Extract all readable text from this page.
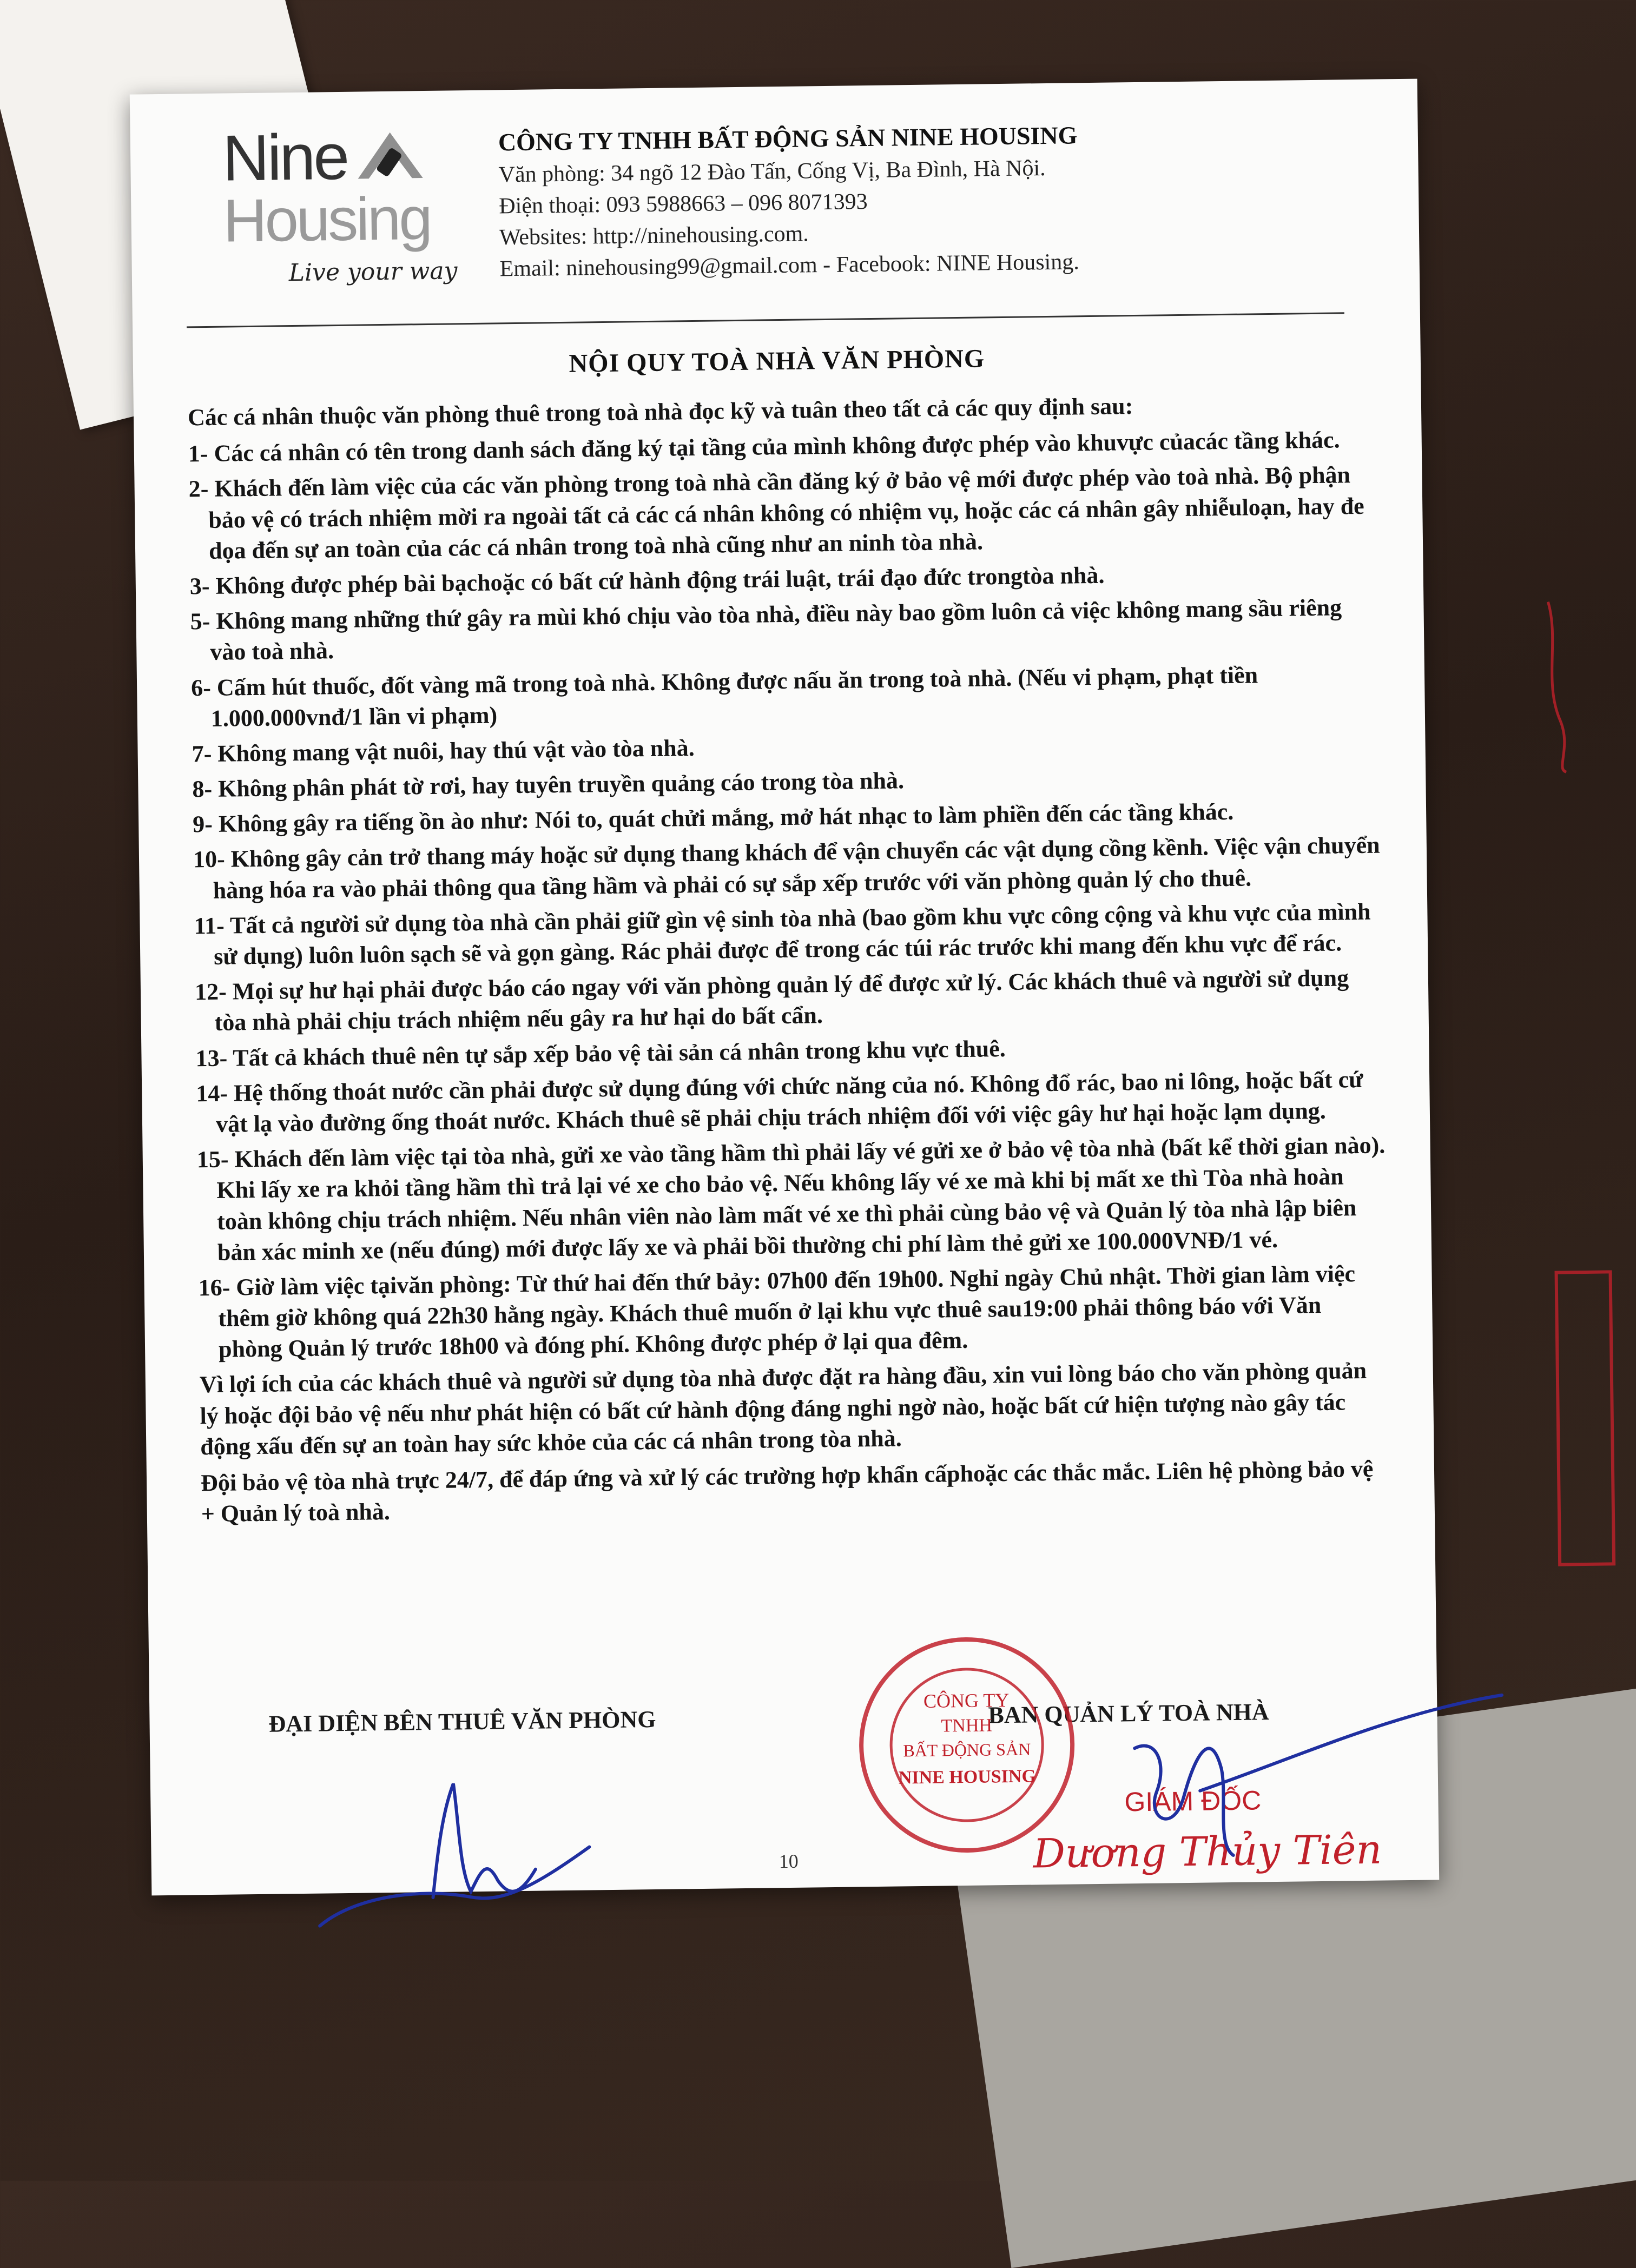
Nine
Housing
Live your way
CÔNG TY TNHH BẤT ĐỘNG SẢN NINE HOUSING
Văn phòng: 34 ngõ 12 Đào Tấn, Cống Vị, Ba Đình, Hà Nội.
Điện thoại: 093 5988663 – 096 8071393
Websites: http://ninehousing.com.
Email: ninehousing99@gmail.com - Facebook: NINE Housing.
NỘI QUY TOÀ NHÀ VĂN PHÒNG

Các cá nhân thuộc văn phòng thuê trong toà nhà đọc kỹ và tuân theo tất cả các quy định sau:

1- Các cá nhân có tên trong danh sách đăng ký tại tầng của mình không được phép vào khuvực củacác tầng khác.
2- Khách đến làm việc của các văn phòng trong toà nhà cần đăng ký ở bảo vệ mới được phép vào toà nhà. Bộ phận bảo vệ có trách nhiệm mời ra ngoài tất cả các cá nhân không có nhiệm vụ, hoặc các cá nhân gây nhiễuloạn, hay đe dọa đến sự an toàn của các cá nhân trong toà nhà cũng như an ninh tòa nhà.
3- Không được phép bài bạchoặc có bất cứ hành động trái luật, trái đạo đức trongtòa nhà.
5- Không mang những thứ gây ra mùi khó chịu vào tòa nhà, điều này bao gồm luôn cả việc không mang sầu riêng vào toà nhà.
6- Cấm hút thuốc, đốt vàng mã trong toà nhà. Không được nấu ăn trong toà nhà. (Nếu vi phạm, phạt tiền 1.000.000vnđ/1 lần vi phạm)
7- Không mang vật nuôi, hay thú vật vào tòa nhà.
8- Không phân phát tờ rơi, hay tuyên truyền quảng cáo trong tòa nhà.
9- Không gây ra tiếng ồn ào như: Nói to, quát chửi mắng, mở hát nhạc to làm phiền đến các tầng khác.
10- Không gây cản trở thang máy hoặc sử dụng thang khách để vận chuyển các vật dụng cồng kềnh. Việc vận chuyển hàng hóa ra vào phải thông qua tầng hầm và phải có sự sắp xếp trước với văn phòng quản lý cho thuê.
11- Tất cả người sử dụng tòa nhà cần phải giữ gìn vệ sinh tòa nhà (bao gồm khu vực công cộng và khu vực của mình sử dụng) luôn luôn sạch sẽ và gọn gàng. Rác phải được để trong các túi rác trước khi mang đến khu vực để rác.
12- Mọi sự hư hại phải được báo cáo ngay với văn phòng quản lý để được xử lý. Các khách thuê và người sử dụng tòa nhà phải chịu trách nhiệm nếu gây ra hư hại do bất cẩn.
13- Tất cả khách thuê nên tự sắp xếp bảo vệ tài sản cá nhân trong khu vực thuê.
14- Hệ thống thoát nước cần phải được sử dụng đúng với chức năng của nó. Không đổ rác, bao ni lông, hoặc bất cứ vật lạ vào đường ống thoát nước. Khách thuê sẽ phải chịu trách nhiệm đối với việc gây hư hại hoặc lạm dụng.
15- Khách đến làm việc tại tòa nhà, gửi xe vào tầng hầm thì phải lấy vé gửi xe ở bảo vệ tòa nhà (bất kể thời gian nào). Khi lấy xe ra khỏi tầng hầm thì trả lại vé xe cho bảo vệ. Nếu không lấy vé xe mà khi bị mất xe thì Tòa nhà hoàn toàn không chịu trách nhiệm. Nếu nhân viên nào làm mất vé xe thì phải cùng bảo vệ và Quản lý tòa nhà lập biên bản xác minh xe (nếu đúng) mới được lấy xe và phải bồi thường chi phí làm thẻ gửi xe 100.000VNĐ/1 vé.
16- Giờ làm việc tạivăn phòng: Từ thứ hai đến thứ bảy: 07h00 đến 19h00. Nghỉ ngày Chủ nhật. Thời gian làm việc thêm giờ không quá 22h30 hằng ngày. Khách thuê muốn ở lại khu vực thuê sau19:00 phải thông báo với Văn phòng Quản lý trước 18h00 và đóng phí. Không được phép ở lại qua đêm.

Vì lợi ích của các khách thuê và người sử dụng tòa nhà được đặt ra hàng đầu, xin vui lòng báo cho văn phòng quản lý hoặc đội bảo vệ nếu như phát hiện có bất cứ hành động đáng nghi ngờ nào, hoặc bất cứ hiện tượng nào gây tác động xấu đến sự an toàn hay sức khỏe của các cá nhân trong tòa nhà.

Đội bảo vệ tòa nhà trực 24/7, để đáp ứng và xử lý các trường hợp khẩn cấphoặc các thắc mắc. Liên hệ phòng bảo vệ + Quản lý toà nhà.

ĐẠI DIỆN BÊN THUÊ VĂN PHÒNG	BAN QUẢN LÝ TOÀ NHÀ
GIÁM ĐỐC
Dương Thủy Tiên
CÔNG TY
TNHH
BẤT ĐỘNG SẢN
NINE HOUSING
10
